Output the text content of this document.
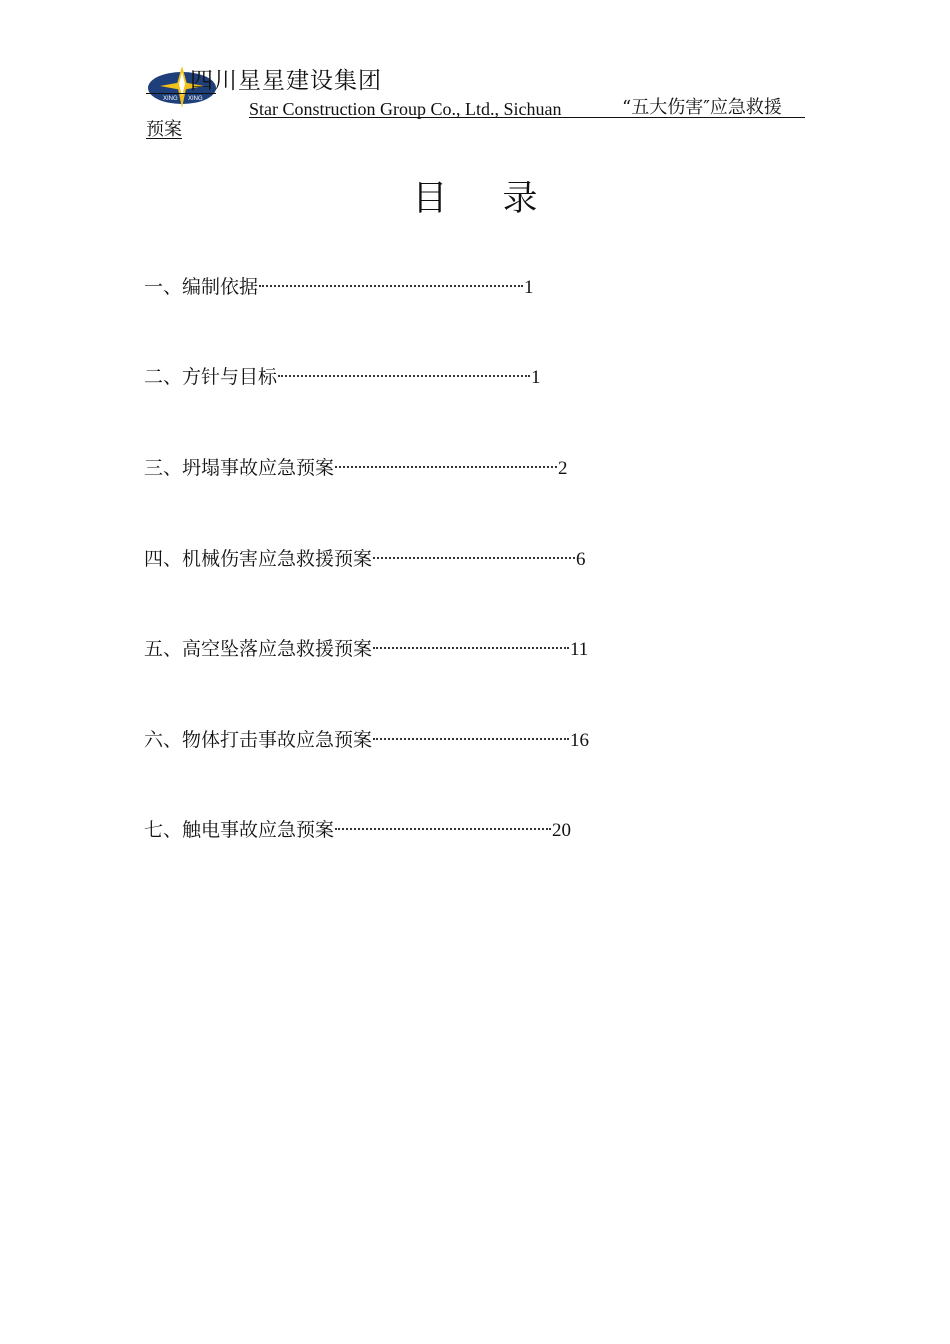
XING XING
四川星星建设集团
Star Construction Group Co., Ltd., Sichuan	“五大伤害″应急救援
预案
目 录
一、编制依据	1
二、方针与目标	1
三、坍塌事故应急预案	2
四、机械伤害应急救援预案	6
五、高空坠落应急救援预案	11
六、物体打击事故应急预案	16
七、触电事故应急预案	20
